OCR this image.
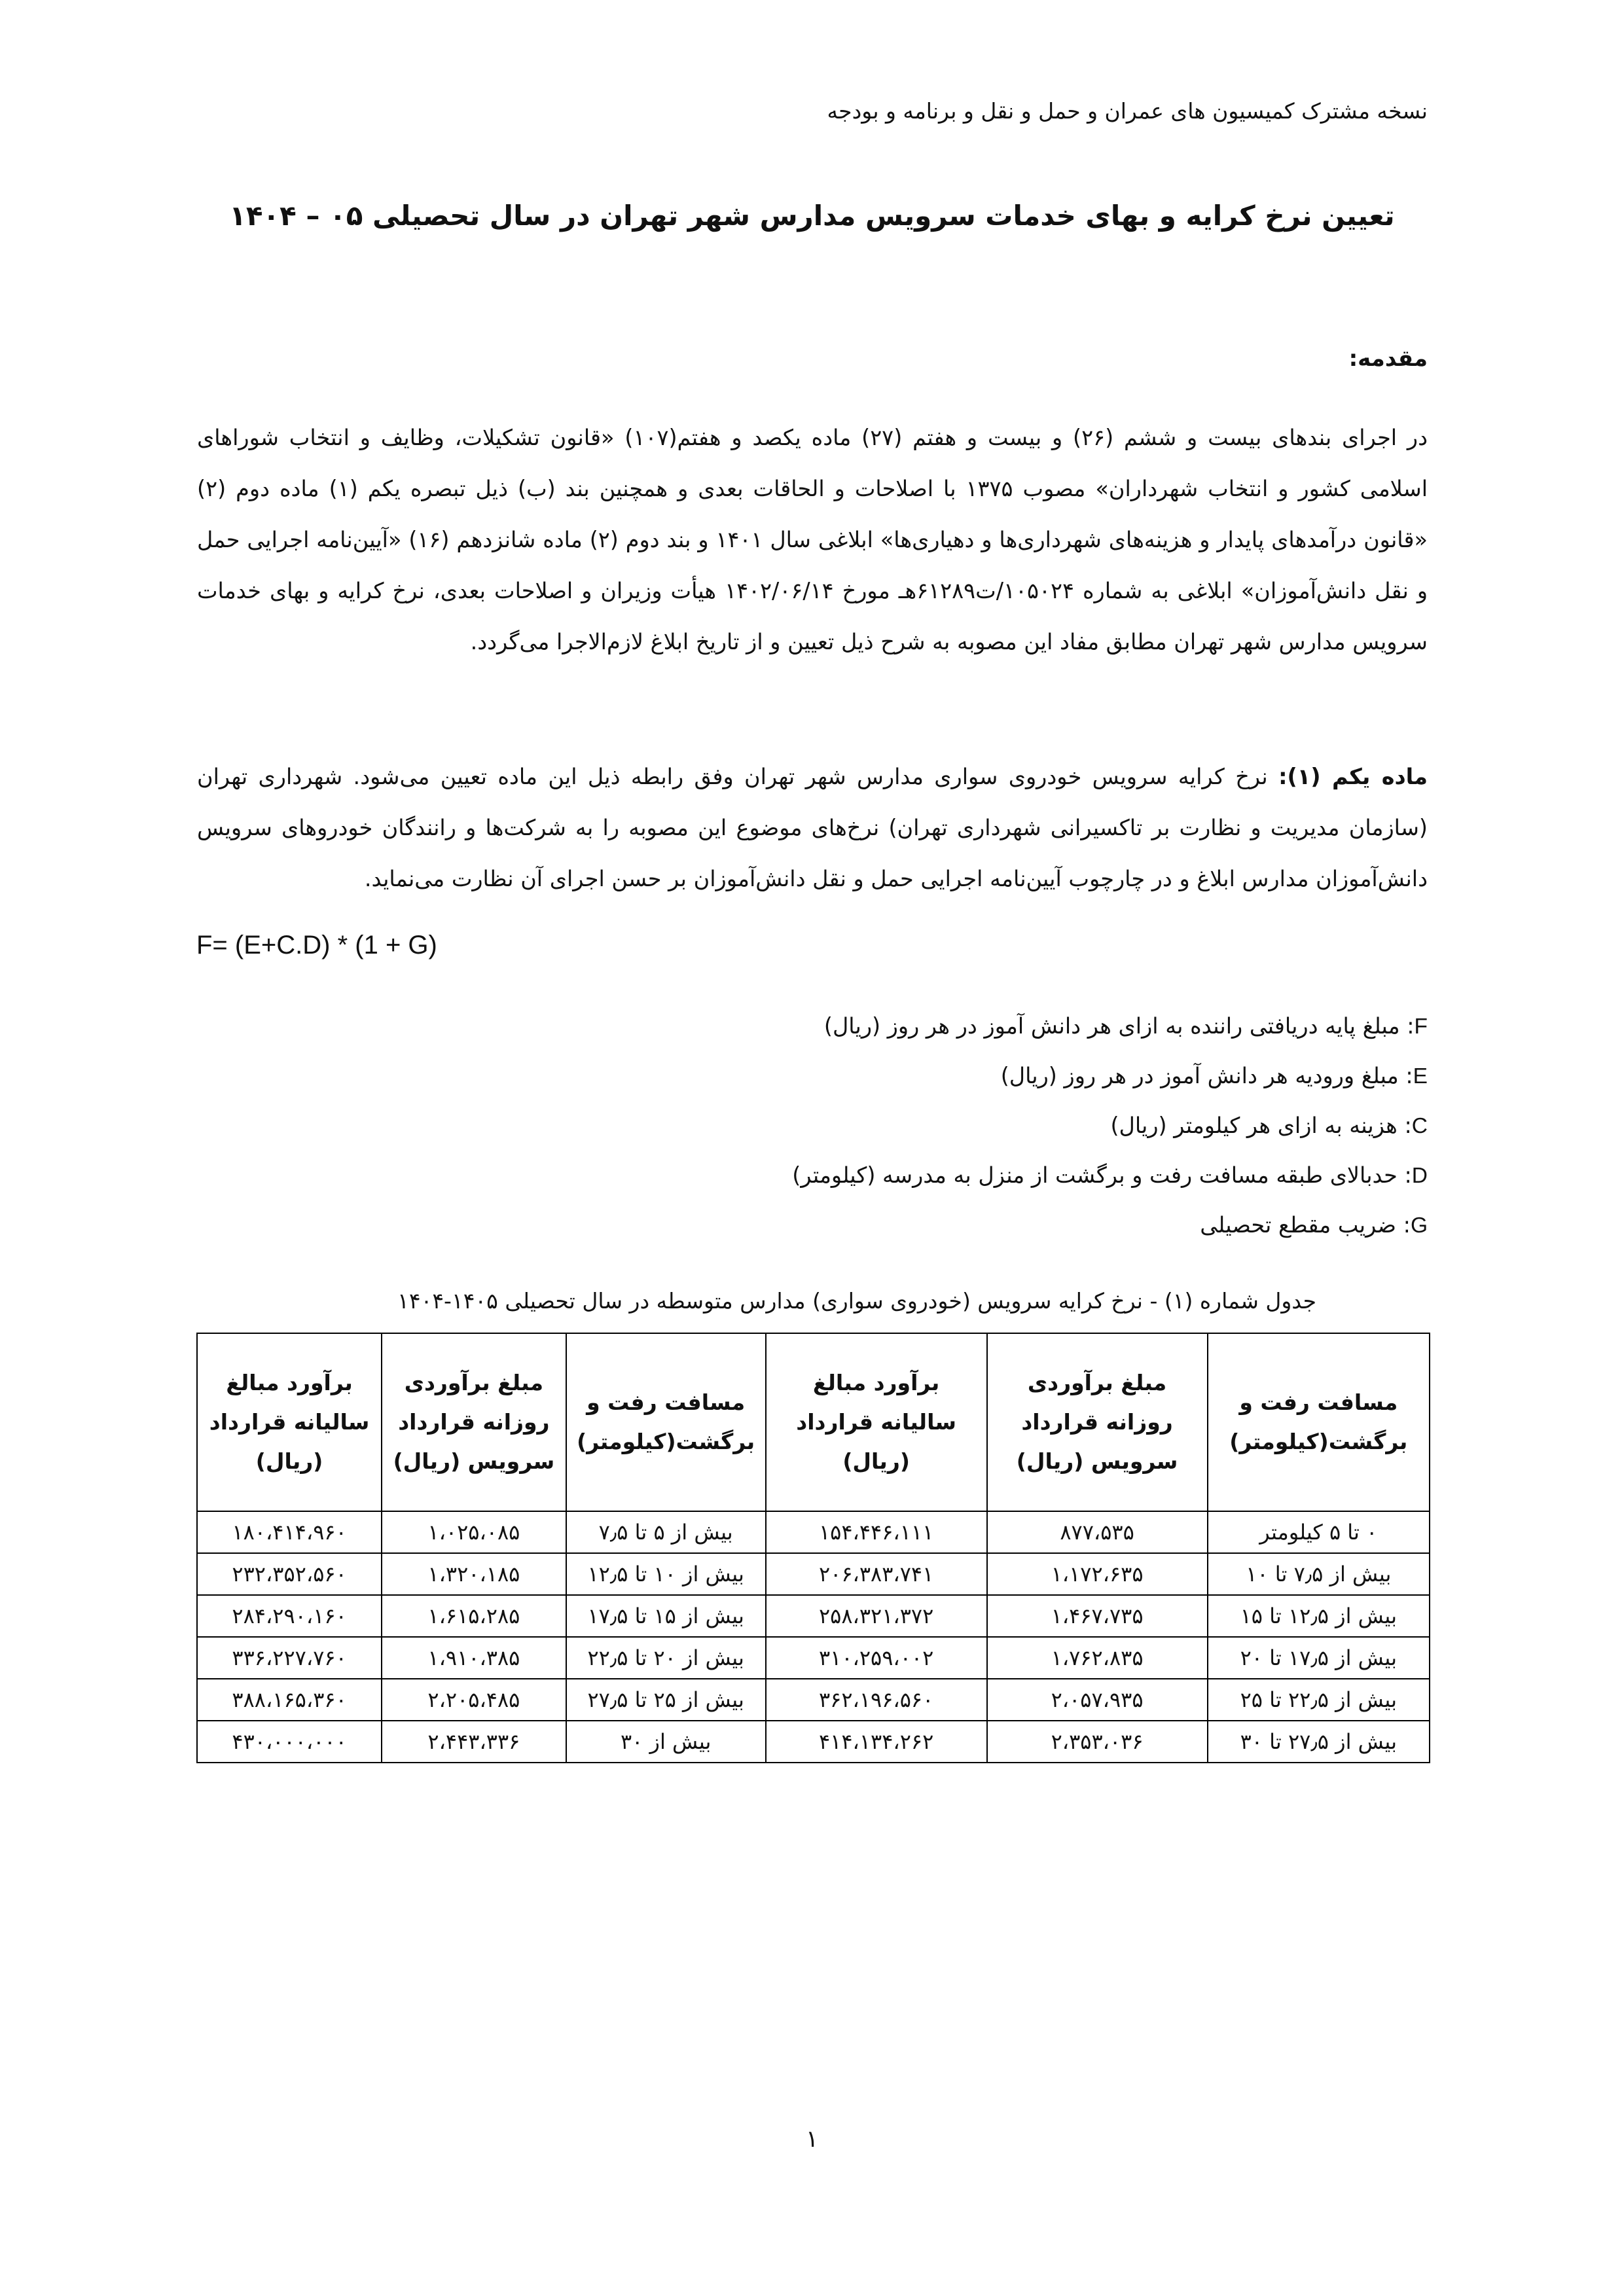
نسخه مشترک کمیسیون های عمران و حمل و نقل و برنامه و بودجه
تعیین نرخ کرایه و بهای خدمات سرویس مدارس شهر تهران در سال تحصیلی ۰۵ – ۱۴۰۴
مقدمه:
در اجرای بندهای بیست و ششم (۲۶) و بیست و هفتم (۲۷) ماده یکصد و هفتم(۱۰۷) «قانون تشکیلات، وظایف و انتخاب شوراهای اسلامی کشور و انتخاب شهرداران» مصوب ۱۳۷۵ با اصلاحات و الحاقات بعدی و همچنین بند (ب) ذیل تبصره یکم (۱) ماده دوم (۲) «قانون درآمدهای پایدار و هزینه‌های شهرداری‌ها و دهیاری‌ها» ابلاغی سال ۱۴۰۱ و بند دوم (۲) ماده شانزدهم (۱۶) «آیین‌نامه اجرایی حمل و نقل دانش‌آموزان» ابلاغی به شماره ۱۰۵۰۲۴/ت۶۱۲۸۹هـ مورخ ۱۴۰۲/۰۶/۱۴ هیأت وزیران و اصلاحات بعدی، نرخ کرایه و بهای خدمات سرویس مدارس شهر تهران مطابق مفاد این مصوبه به شرح ذیل تعیین و از تاریخ ابلاغ لازم‌الاجرا می‌گردد.
ماده یکم (۱): نرخ کرایه سرویس خودروی سواری مدارس شهر تهران وفق رابطه ذیل این ماده تعیین می‌شود. شهرداری تهران (سازمان مدیریت و نظارت بر تاکسیرانی شهرداری تهران) نرخ‌های موضوع این مصوبه را به شرکت‌ها و رانندگان خودروهای سرویس دانش‌آموزان مدارس ابلاغ و در چارچوب آیین‌نامه اجرایی حمل و نقل دانش‌آموزان بر حسن اجرای آن نظارت می‌نماید.
F= (E+C.D) * (1 + G)
F: مبلغ پایه دریافتی راننده به ازای هر دانش آموز در هر روز (ریال)
E: مبلغ ورودیه هر دانش آموز در هر روز (ریال)
C: هزینه به ازای هر کیلومتر (ریال)
D: حدبالای طبقه مسافت رفت و برگشت از منزل به مدرسه (کیلومتر)
G: ضریب مقطع تحصیلی
جدول شماره (۱) - نرخ کرایه سرویس (خودروی سواری) مدارس متوسطه در سال تحصیلی ۱۴۰۵-۱۴۰۴
مسافت رفت و برگشت(کیلومتر)	مبلغ برآوردی روزانه قرارداد سرویس (ریال)	برآورد مبالغ سالیانه قرارداد (ریال)	مسافت رفت و برگشت(کیلومتر)	مبلغ برآوردی روزانه قرارداد سرویس (ریال)	برآورد مبالغ سالیانه قرارداد (ریال)
۰ تا ۵ کیلومتر	۸۷۷،۵۳۵	۱۵۴،۴۴۶،۱۱۱	بیش از ۵ تا ۷٫۵	۱،۰۲۵،۰۸۵	۱۸۰،۴۱۴،۹۶۰
بیش از ۷٫۵ تا ۱۰	۱،۱۷۲،۶۳۵	۲۰۶،۳۸۳،۷۴۱	بیش از ۱۰ تا ۱۲٫۵	۱،۳۲۰،۱۸۵	۲۳۲،۳۵۲،۵۶۰
بیش از ۱۲٫۵ تا ۱۵	۱،۴۶۷،۷۳۵	۲۵۸،۳۲۱،۳۷۲	بیش از ۱۵ تا ۱۷٫۵	۱،۶۱۵،۲۸۵	۲۸۴،۲۹۰،۱۶۰
بیش از ۱۷٫۵ تا ۲۰	۱،۷۶۲،۸۳۵	۳۱۰،۲۵۹،۰۰۲	بیش از ۲۰ تا ۲۲٫۵	۱،۹۱۰،۳۸۵	۳۳۶،۲۲۷،۷۶۰
بیش از ۲۲٫۵ تا ۲۵	۲،۰۵۷،۹۳۵	۳۶۲،۱۹۶،۵۶۰	بیش از ۲۵ تا ۲۷٫۵	۲،۲۰۵،۴۸۵	۳۸۸،۱۶۵،۳۶۰
بیش از ۲۷٫۵ تا ۳۰	۲،۳۵۳،۰۳۶	۴۱۴،۱۳۴،۲۶۲	بیش از ۳۰	۲،۴۴۳،۳۳۶	۴۳۰،۰۰۰،۰۰۰
۱
